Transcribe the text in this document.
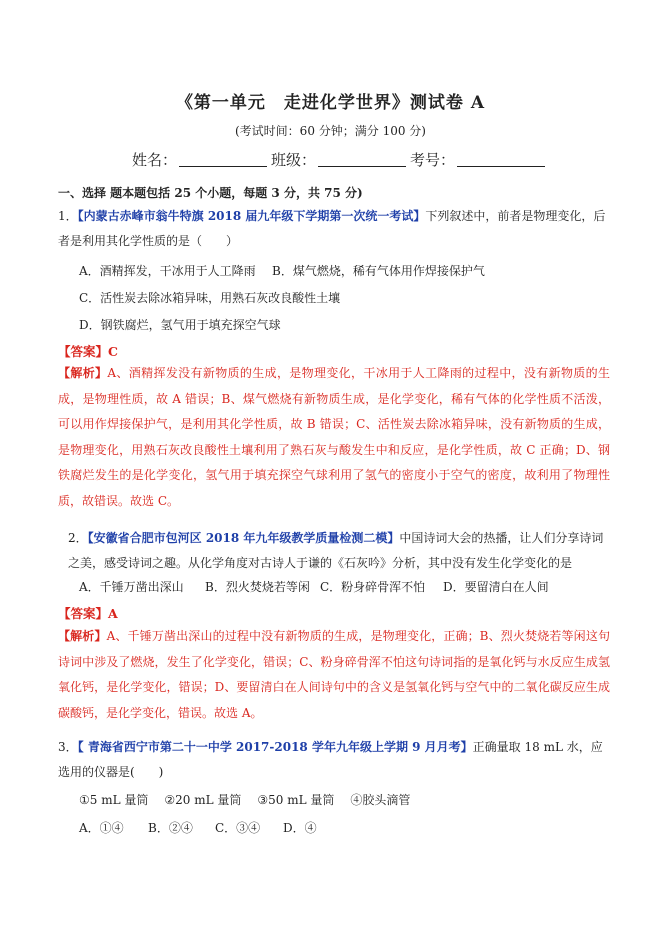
《第一单元　走进化学世界》测试卷 A
(考试时间：60 分钟；满分 100 分)
姓名：	班级：	考号：
一、选择 题本题包括 25 个小题，每题 3 分，共 75 分)
1．【内蒙古赤峰市翁牛特旗 2018 届九年级下学期第一次统一考试】下列叙述中，前者是物理变化，后者是利用其化学性质的是（　　）
A．酒精挥发，干冰用于人工降雨 B．煤气燃烧，稀有气体用作焊接保护气
C．活性炭去除冰箱异味，用熟石灰改良酸性土壤
D．钢铁腐烂，氢气用于填充探空气球
【答案】C
【解析】A、酒精挥发没有新物质的生成，是物理变化，干冰用于人工降雨的过程中，没有新物质的生成，是物理性质，故 A 错误；B、煤气燃烧有新物质生成，是化学变化，稀有气体的化学性质不活泼，可以用作焊接保护气，是利用其化学性质，故 B 错误；C、活性炭去除冰箱异味，没有新物质的生成，是物理变化，用熟石灰改良酸性土壤利用了熟石灰与酸发生中和反应，是化学性质，故 C 正确；D、钢铁腐烂发生的是化学变化，氢气用于填充探空气球利用了氢气的密度小于空气的密度，故利用了物理性质，故错误。故选 C。
2．【安徽省合肥市包河区 2018 年九年级教学质量检测二模】中国诗词大会的热播，让人们分享诗词之美，感受诗词之趣。从化学角度对古诗人于谦的《石灰吟》分析，其中没有发生化学变化的是
A．千锤万凿出深山 B．烈火焚烧若等闲 C．粉身碎骨浑不怕 D．要留清白在人间
【答案】A
【解析】A、千锤万凿出深山的过程中没有新物质的生成，是物理变化，正确；B、烈火焚烧若等闲这句诗词中涉及了燃烧，发生了化学变化，错误；C、粉身碎骨浑不怕这句诗词指的是氧化钙与水反应生成氢氧化钙，是化学变化，错误；D、要留清白在人间诗句中的含义是氢氧化钙与空气中的二氧化碳反应生成碳酸钙，是化学变化，错误。故选 A。
3．【 青海省西宁市第二十一中学 2017-2018 学年九年级上学期 9 月月考】正确量取 18 mL 水，应选用的仪器是(　　)
①5 mL 量筒 ②20 mL 量筒 ③50 mL 量筒 ④胶头滴管
A．①④ B．②④ C．③④ D．④
